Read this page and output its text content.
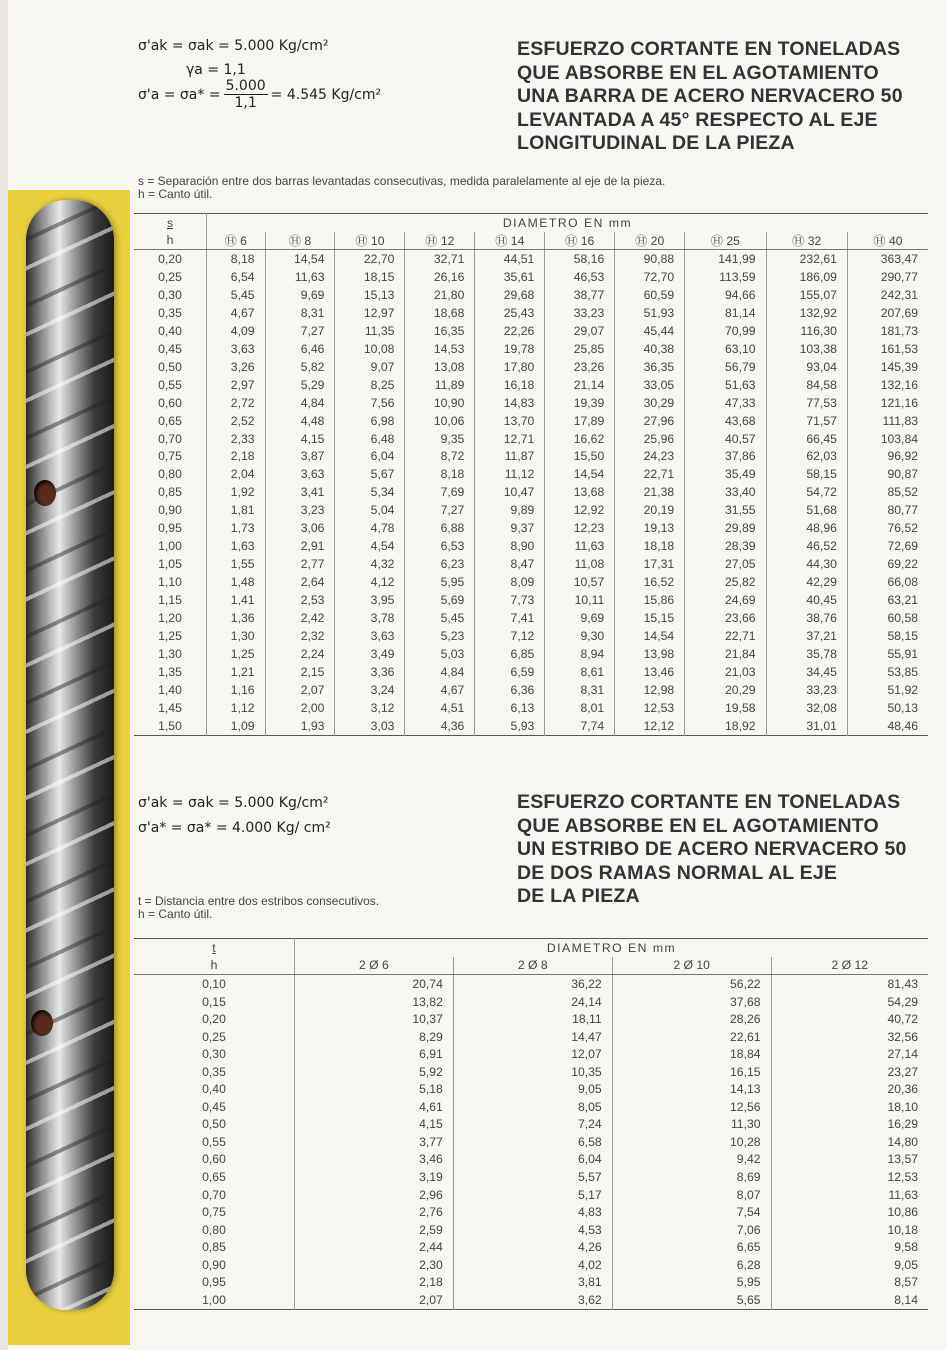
σ'ak = σak = 5.000 Kg/cm²
γa = 1,1
$\sigma'a = \sigma a* = \frac{5.000}{1,1} = 4.545$ Kg/cm²
ESFUERZO CORTANTE EN TONELADAS
QUE ABSORBE EN EL AGOTAMIENTO
UNA BARRA DE ACERO NERVACERO 50
LEVANTADA A 45° RESPECTO AL EJE
LONGITUDINAL DE LA PIEZA
s = Separación entre dos barras levantadas consecutivas, medida paralelamente al eje de la pieza.
h = Canto útil.
s	DIAMETRO EN mm									
h	Ⓗ 6	Ⓗ 8	Ⓗ 10	Ⓗ 12	Ⓗ 14	Ⓗ 16	Ⓗ 20	Ⓗ 25	Ⓗ 32	Ⓗ 40
0,20	8,18	14,54	22,70	32,71	44,51	58,16	90,88	141,99	232,61	363,47
0,25	6,54	11,63	18,15	26,16	35,61	46,53	72,70	113,59	186,09	290,77
0,30	5,45	9,69	15,13	21,80	29,68	38,77	60,59	94,66	155,07	242,31
0,35	4,67	8,31	12,97	18,68	25,43	33,23	51,93	81,14	132,92	207,69
0,40	4,09	7,27	11,35	16,35	22,26	29,07	45,44	70,99	116,30	181,73
0,45	3,63	6,46	10,08	14,53	19,78	25,85	40,38	63,10	103,38	161,53
0,50	3,26	5,82	9,07	13,08	17,80	23,26	36,35	56,79	93,04	145,39
0,55	2,97	5,29	8,25	11,89	16,18	21,14	33,05	51,63	84,58	132,16
0,60	2,72	4,84	7,56	10,90	14,83	19,39	30,29	47,33	77,53	121,16
0,65	2,52	4,48	6,98	10,06	13,70	17,89	27,96	43,68	71,57	111,83
0,70	2,33	4,15	6,48	9,35	12,71	16,62	25,96	40,57	66,45	103,84
0,75	2,18	3,87	6,04	8,72	11,87	15,50	24,23	37,86	62,03	96,92
0,80	2,04	3,63	5,67	8,18	11,12	14,54	22,71	35,49	58,15	90,87
0,85	1,92	3,41	5,34	7,69	10,47	13,68	21,38	33,40	54,72	85,52
0,90	1,81	3,23	5,04	7,27	9,89	12,92	20,19	31,55	51,68	80,77
0,95	1,73	3,06	4,78	6,88	9,37	12,23	19,13	29,89	48,96	76,52
1,00	1,63	2,91	4,54	6,53	8,90	11,63	18,18	28,39	46,52	72,69
1,05	1,55	2,77	4,32	6,23	8,47	11,08	17,31	27,05	44,30	69,22
1,10	1,48	2,64	4,12	5,95	8,09	10,57	16,52	25,82	42,29	66,08
1,15	1,41	2,53	3,95	5,69	7,73	10,11	15,86	24,69	40,45	63,21
1,20	1,36	2,42	3,78	5,45	7,41	9,69	15,15	23,66	38,76	60,58
1,25	1,30	2,32	3,63	5,23	7,12	9,30	14,54	22,71	37,21	58,15
1,30	1,25	2,24	3,49	5,03	6,85	8,94	13,98	21,84	35,78	55,91
1,35	1,21	2,15	3,36	4,84	6,59	8,61	13,46	21,03	34,45	53,85
1,40	1,16	2,07	3,24	4,67	6,36	8,31	12,98	20,29	33,23	51,92
1,45	1,12	2,00	3,12	4,51	6,13	8,01	12,53	19,58	32,08	50,13
1,50	1,09	1,93	3,03	4,36	5,93	7,74	12,12	18,92	31,01	48,46
σ'ak = σak = 5.000 Kg/cm²
σ'a* = σa* = 4.000 Kg/ cm²
ESFUERZO CORTANTE EN TONELADAS
QUE ABSORBE EN EL AGOTAMIENTO
UN ESTRIBO DE ACERO NERVACERO 50
DE DOS RAMAS NORMAL AL EJE
DE LA PIEZA
t = Distancia entre dos estribos consecutivos.
h = Canto útil.
t	DIAMETRO EN mm			
h	2 Ø 6	2 Ø 8	2 Ø 10	2 Ø 12
0,10	20,74	36,22	56,22	81,43
0,15	13,82	24,14	37,68	54,29
0,20	10,37	18,11	28,26	40,72
0,25	8,29	14,47	22,61	32,56
0,30	6,91	12,07	18,84	27,14
0,35	5,92	10,35	16,15	23,27
0,40	5,18	9,05	14,13	20,36
0,45	4,61	8,05	12,56	18,10
0,50	4,15	7,24	11,30	16,29
0,55	3,77	6,58	10,28	14,80
0,60	3,46	6,04	9,42	13,57
0,65	3,19	5,57	8,69	12,53
0,70	2,96	5,17	8,07	11,63
0,75	2,76	4,83	7,54	10,86
0,80	2,59	4,53	7,06	10,18
0,85	2,44	4,26	6,65	9,58
0,90	2,30	4,02	6,28	9,05
0,95	2,18	3,81	5,95	8,57
1,00	2,07	3,62	5,65	8,14
